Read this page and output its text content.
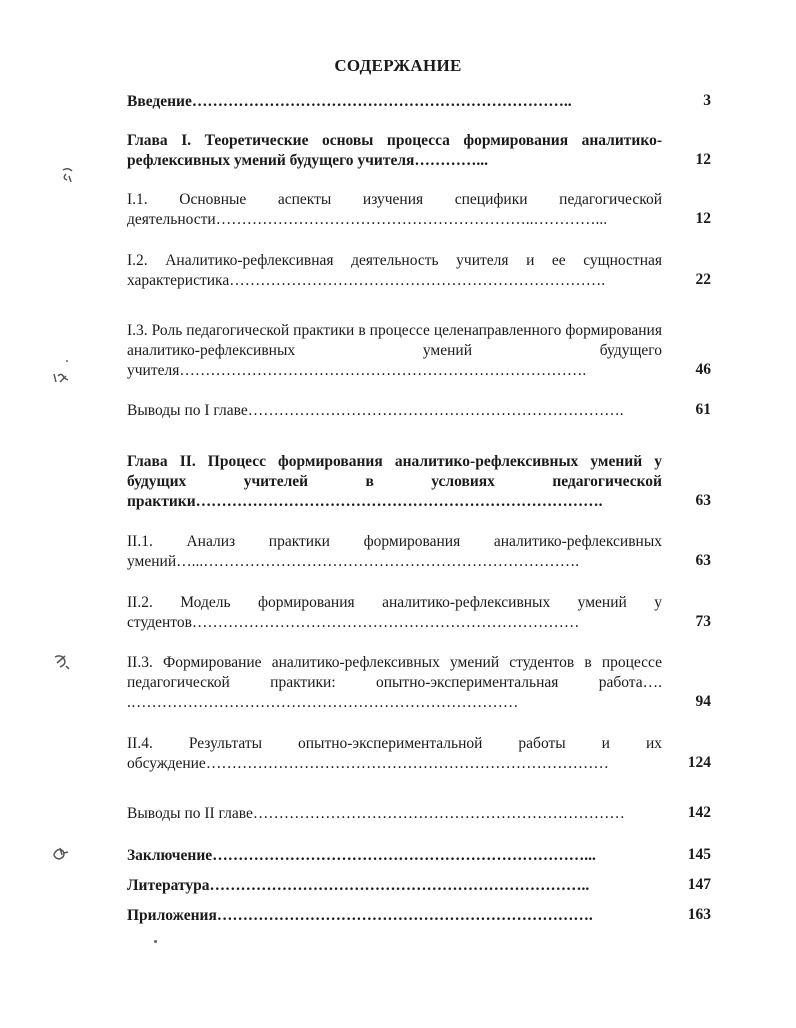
СОДЕРЖАНИЕ
Введение………………………………………………………………..	3
Глава I. Теоретические основы процесса формирования аналитико-рефлексивных умений будущего учителя…………...	12
I.1. Основные аспекты изучения специфики педагогической деятельности……………………………………………………..…………...	12
I.2. Аналитико-рефлексивная деятельность учителя и ее сущностная характеристика……………………………………………………………….	22
I.3. Роль педагогической практики в процессе целенаправленного формирования аналитико-рефлексивных умений будущего учителя…………………………………………………………………….	46
Выводы по I главе……………………………………………………………….	61
Глава II. Процесс формирования аналитико-рефлексивных умений у будущих учителей в условиях педагогической практики…………………………………………………………………….	63
II.1. Анализ практики формирования аналитико-рефлексивных умений…...……………………………………………………………….	63
II.2. Модель формирования аналитико-рефлексивных умений у студентов…………………………………………………………………	73
II.3. Формирование аналитико-рефлексивных умений студентов в процессе педагогической практики: опытно-экспериментальная работа…. .…………………………………………………………………	94
II.4. Результаты опытно-экспериментальной работы и их обсуждение……………………………………………………………………	124
Выводы по II главе………………………………………………………………	142
Заключение………………………………………………………………...	145
Литература………………………………………………………………..	147
Приложения……………………………………………………………….	163
